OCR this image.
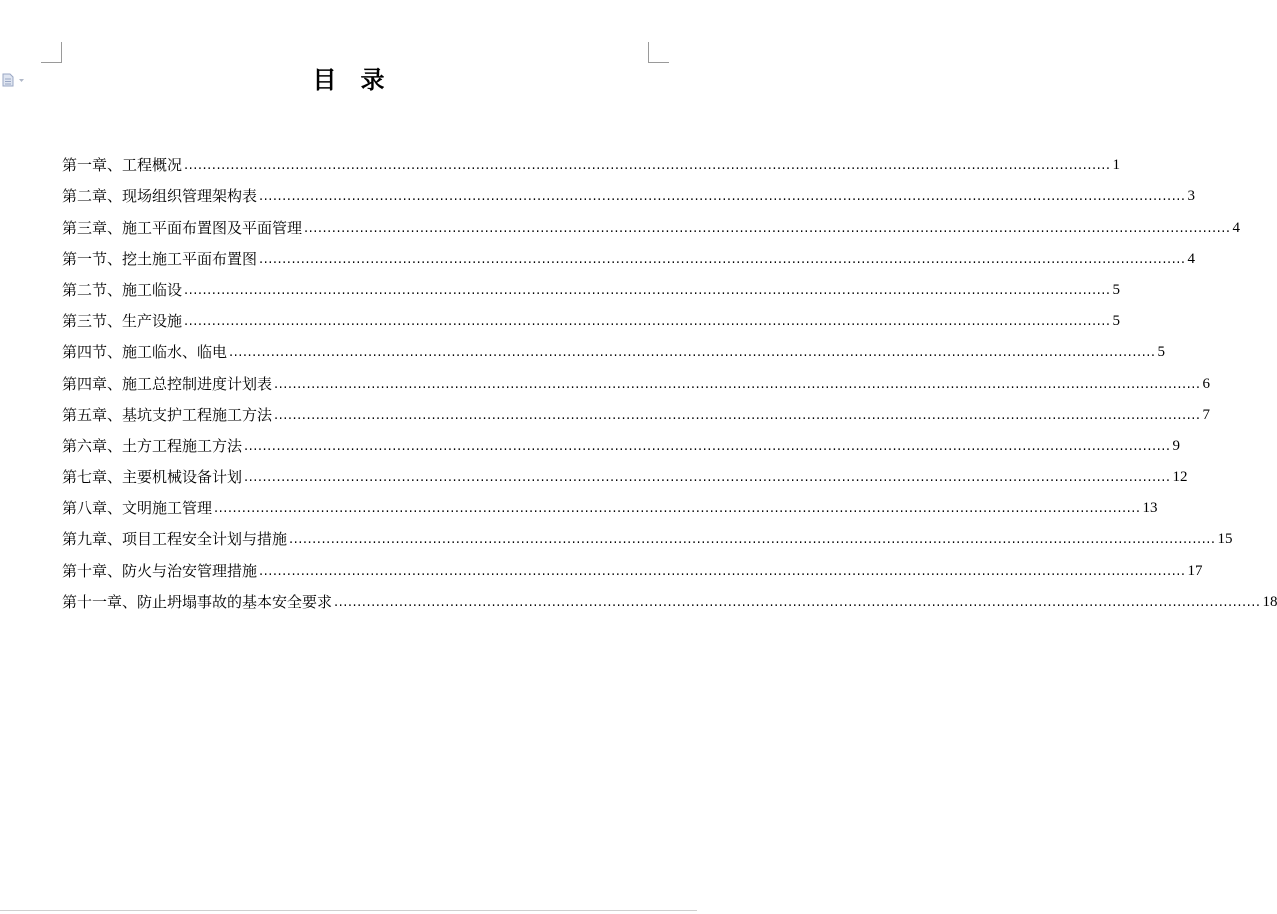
目　录
第一章、工程概况 ........................................................................................................................................................................................................ 1
第二章、现场组织管理架构表 ........................................................................................................................................................................................................ 3
第三章、施工平面布置图及平面管理 ........................................................................................................................................................................................................ 4
第一节、挖土施工平面布置图 ........................................................................................................................................................................................................ 4
第二节、施工临设 ........................................................................................................................................................................................................ 5
第三节、生产设施 ........................................................................................................................................................................................................ 5
第四节、施工临水、临电 ........................................................................................................................................................................................................ 5
第四章、施工总控制进度计划表 ........................................................................................................................................................................................................ 6
第五章、基坑支护工程施工方法 ........................................................................................................................................................................................................ 7
第六章、土方工程施工方法 ........................................................................................................................................................................................................ 9
第七章、主要机械设备计划 ........................................................................................................................................................................................................ 12
第八章、文明施工管理 ........................................................................................................................................................................................................ 13
第九章、项目工程安全计划与措施 ........................................................................................................................................................................................................ 15
第十章、防火与治安管理措施 ........................................................................................................................................................................................................ 17
第十一章、防止坍塌事故的基本安全要求 ........................................................................................................................................................................................................ 18
